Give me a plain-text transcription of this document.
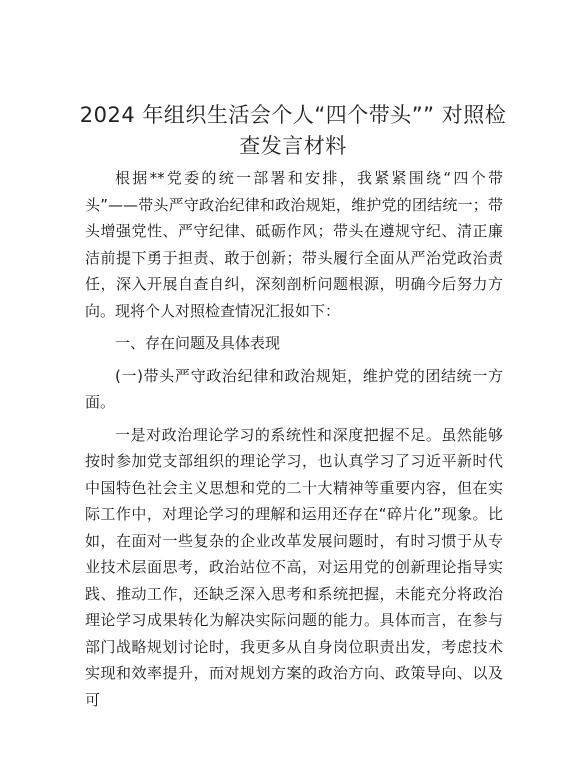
2024 年组织生活会个人“四个带头”” 对照检
查发言材料

根据**党委的统一部署和安排，我紧紧围绕“四个带头”——带头严守政治纪律和政治规矩，维护党的团结统一；带头增强党性、严守纪律、砥砺作风；带头在遵规守纪、清正廉洁前提下勇于担责、敢于创新；带头履行全面从严治党政治责任，深入开展自查自纠，深刻剖析问题根源，明确今后努力方向。现将个人对照检查情况汇报如下：

一、存在问题及具体表现

(一)带头严守政治纪律和政治规矩，维护党的团结统一方面。

一是对政治理论学习的系统性和深度把握不足。虽然能够按时参加党支部组织的理论学习，也认真学习了习近平新时代中国特色社会主义思想和党的二十大精神等重要内容，但在实际工作中，对理论学习的理解和运用还存在“碎片化”现象。比如，在面对一些复杂的企业改革发展问题时，有时习惯于从专业技术层面思考，政治站位不高，对运用党的创新理论指导实践、推动工作，还缺乏深入思考和系统把握，未能充分将政治理论学习成果转化为解决实际问题的能力。具体而言，在参与部门战略规划讨论时，我更多从自身岗位职责出发，考虑技术实现和效率提升，而对规划方案的政治方向、政策导向、以及可
